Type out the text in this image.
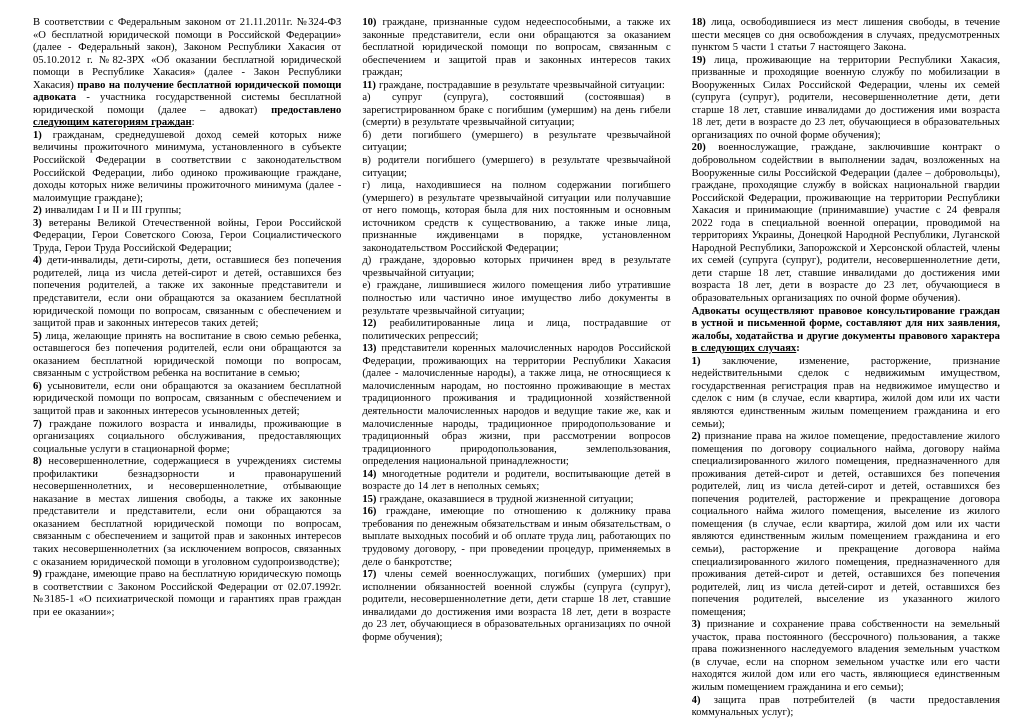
В соответствии с Федеральным законом от 21.11.2011г. №324-ФЗ «О бесплатной юридической помощи в Российской Федерации» (далее - Федеральный закон), Законом Республики Хакасия от 05.10.2012 г. №82-ЗРХ «Об оказании бесплатной юридической помощи в Республике Хакасия» (далее - Закон Республики Хакасия) право на получение бесплатной юридической помощи адвоката - участника государственной системы бесплатной юридической помощи (далее – адвокат) предоставлено следующим категориям граждан:

1) гражданам, среднедушевой доход семей которых ниже величины прожиточного минимума, установленного в субъекте Российской Федерации в соответствии с законодательством Российской Федерации, либо одиноко проживающие граждане, доходы которых ниже величины прожиточного минимума (далее - малоимущие граждане);

2) инвалидам I и II и III группы;

3) ветераны Великой Отечественной войны, Герои Российской Федерации, Герои Советского Союза, Герои Социалистического Труда, Герои Труда Российской Федерации;

4) дети-инвалиды, дети-сироты, дети, оставшиеся без попечения родителей, лица из числа детей-сирот и детей, оставшихся без попечения родителей, а также их законные представители и представители, если они обращаются за оказанием бесплатной юридической помощи по вопросам, связанным с обеспечением и защитой прав и законных интересов таких детей;

5) лица, желающие принять на воспитание в свою семью ребенка, оставшегося без попечения родителей, если они обращаются за оказанием бесплатной юридической помощи по вопросам, связанным с устройством ребенка на воспитание в семью;

6) усыновители, если они обращаются за оказанием бесплатной юридической помощи по вопросам, связанным с обеспечением и защитой прав и законных интересов усыновленных детей;

7) граждане пожилого возраста и инвалиды, проживающие в организациях социального обслуживания, предоставляющих социальные услуги в стационарной форме;

8) несовершеннолетние, содержащиеся в учреждениях системы профилактики безнадзорности и правонарушений несовершеннолетних, и несовершеннолетние, отбывающие наказание в местах лишения свободы, а также их законные представители и представители, если они обращаются за оказанием бесплатной юридической помощи по вопросам, связанным с обеспечением и защитой прав и законных интересов таких несовершеннолетних (за исключением вопросов, связанных с оказанием юридической помощи в уголовном судопроизводстве);

9) граждане, имеющие право на бесплатную юридическую помощь в соответствии с Законом Российской Федерации от 02.07.1992г. №3185-1 «О психиатрической помощи и гарантиях прав граждан при ее оказании»;

10) граждане, признанные судом недееспособными, а также их законные представители, если они обращаются за оказанием бесплатной юридической помощи по вопросам, связанным с обеспечением и защитой прав и законных интересов таких граждан;

11) граждане, пострадавшие в результате чрезвычайной ситуации:

а) супруг (супруга), состоявший (состоявшая) в зарегистрированном браке с погибшим (умершим) на день гибели (смерти) в результате чрезвычайной ситуации;

б) дети погибшего (умершего) в результате чрезвычайной ситуации;

в) родители погибшего (умершего) в результате чрезвычайной ситуации;

г) лица, находившиеся на полном содержании погибшего (умершего) в результате чрезвычайной ситуации или получавшие от него помощь, которая была для них постоянным и основным источником средств к существованию, а также иные лица, признанные иждивенцами в порядке, установленном законодательством Российской Федерации;

д) граждане, здоровью которых причинен вред в результате чрезвычайной ситуации;

е) граждане, лишившиеся жилого помещения либо утратившие полностью или частично иное имущество либо документы в результате чрезвычайной ситуации;

12) реабилитированные лица и лица, пострадавшие от политических репрессий;

13) представители коренных малочисленных народов Российской Федерации, проживающих на территории Республики Хакасия (далее - малочисленные народы), а также лица, не относящиеся к малочисленным народам, но постоянно проживающие в местах традиционного проживания и традиционной хозяйственной деятельности малочисленных народов и ведущие такие же, как и малочисленные народы, традиционное природопользование и традиционный образ жизни, при рассмотрении вопросов традиционного природопользования, землепользования, определения национальной принадлежности;

14) многодетные родители и родители, воспитывающие детей в возрасте до 14 лет в неполных семьях;

15) граждане, оказавшиеся в трудной жизненной ситуации;

16) граждане, имеющие по отношению к должнику права требования по денежным обязательствам и иным обязательствам, о выплате выходных пособий и об оплате труда лиц, работающих по трудовому договору, - при проведении процедур, применяемых в деле о банкротстве;

17) члены семей военнослужащих, погибших (умерших) при исполнении обязанностей военной службы (супруга (супруг), родители, несовершеннолетние дети, дети старше 18 лет, ставшие инвалидами до достижения ими возраста 18 лет, дети в возрасте до 23 лет, обучающиеся в образовательных организациях по очной форме обучения);

18) лица, освободившиеся из мест лишения свободы, в течение шести месяцев со дня освобождения в случаях, предусмотренных пунктом 5 части 1 статьи 7 настоящего Закона.

19) лица, проживающие на территории Республики Хакасия, призванные и проходящие военную службу по мобилизации в Вооруженных Силах Российской Федерации, члены их семей (супруга (супруг), родители, несовершеннолетние дети, дети старше 18 лет, ставшие инвалидами до достижения ими возраста 18 лет, дети в возрасте до 23 лет, обучающиеся в образовательных организациях по очной форме обучения);

20) военнослужащие, граждане, заключившие контракт о добровольном содействии в выполнении задач, возложенных на Вооруженные силы Российской Федерации (далее – добровольцы), граждане, проходящие службу в войсках национальной гвардии Российской Федерации, проживающие на территории Республики Хакасия и принимающие (принимавшие) участие с 24 февраля 2022 года в специальной военной операции, проводимой на территориях Украины, Донецкой Народной Республики, Луганской Народной Республики, Запорожской и Херсонской областей, члены их семей (супруга (супруг), родители, несовершеннолетние дети, дети старше 18 лет, ставшие инвалидами до достижения ими возраста 18 лет, дети в возрасте до 23 лет, обучающиеся в образовательных организациях по очной форме обучения).

Адвокаты осуществляют правовое консультирование граждан в устной и письменной форме, составляют для них заявления, жалобы, ходатайства и другие документы правового характера в следующих случаях:

1) заключение, изменение, расторжение, признание недействительными сделок с недвижимым имуществом, государственная регистрация прав на недвижимое имущество и сделок с ним (в случае, если квартира, жилой дом или их части являются единственным жилым помещением гражданина и его семьи);

2) признание права на жилое помещение, предоставление жилого помещения по договору социального найма, договору найма специализированного жилого помещения, предназначенного для проживания детей-сирот и детей, оставшихся без попечения родителей, лиц из числа детей-сирот и детей, оставшихся без попечения родителей, расторжение и прекращение договора социального найма жилого помещения, выселение из жилого помещения (в случае, если квартира, жилой дом или их части являются единственным жилым помещением гражданина и его семьи), расторжение и прекращение договора найма специализированного жилого помещения, предназначенного для проживания детей-сирот и детей, оставшихся без попечения родителей, лиц из числа детей-сирот и детей, оставшихся без попечения родителей, выселение из указанного жилого помещения;

3) признание и сохранение права собственности на земельный участок, права постоянного (бессрочного) пользования, а также права пожизненного наследуемого владения земельным участком (в случае, если на спорном земельном участке или его части находятся жилой дом или его часть, являющиеся единственным жилым помещением гражданина и его семьи);

4) защита прав потребителей (в части предоставления коммунальных услуг);
